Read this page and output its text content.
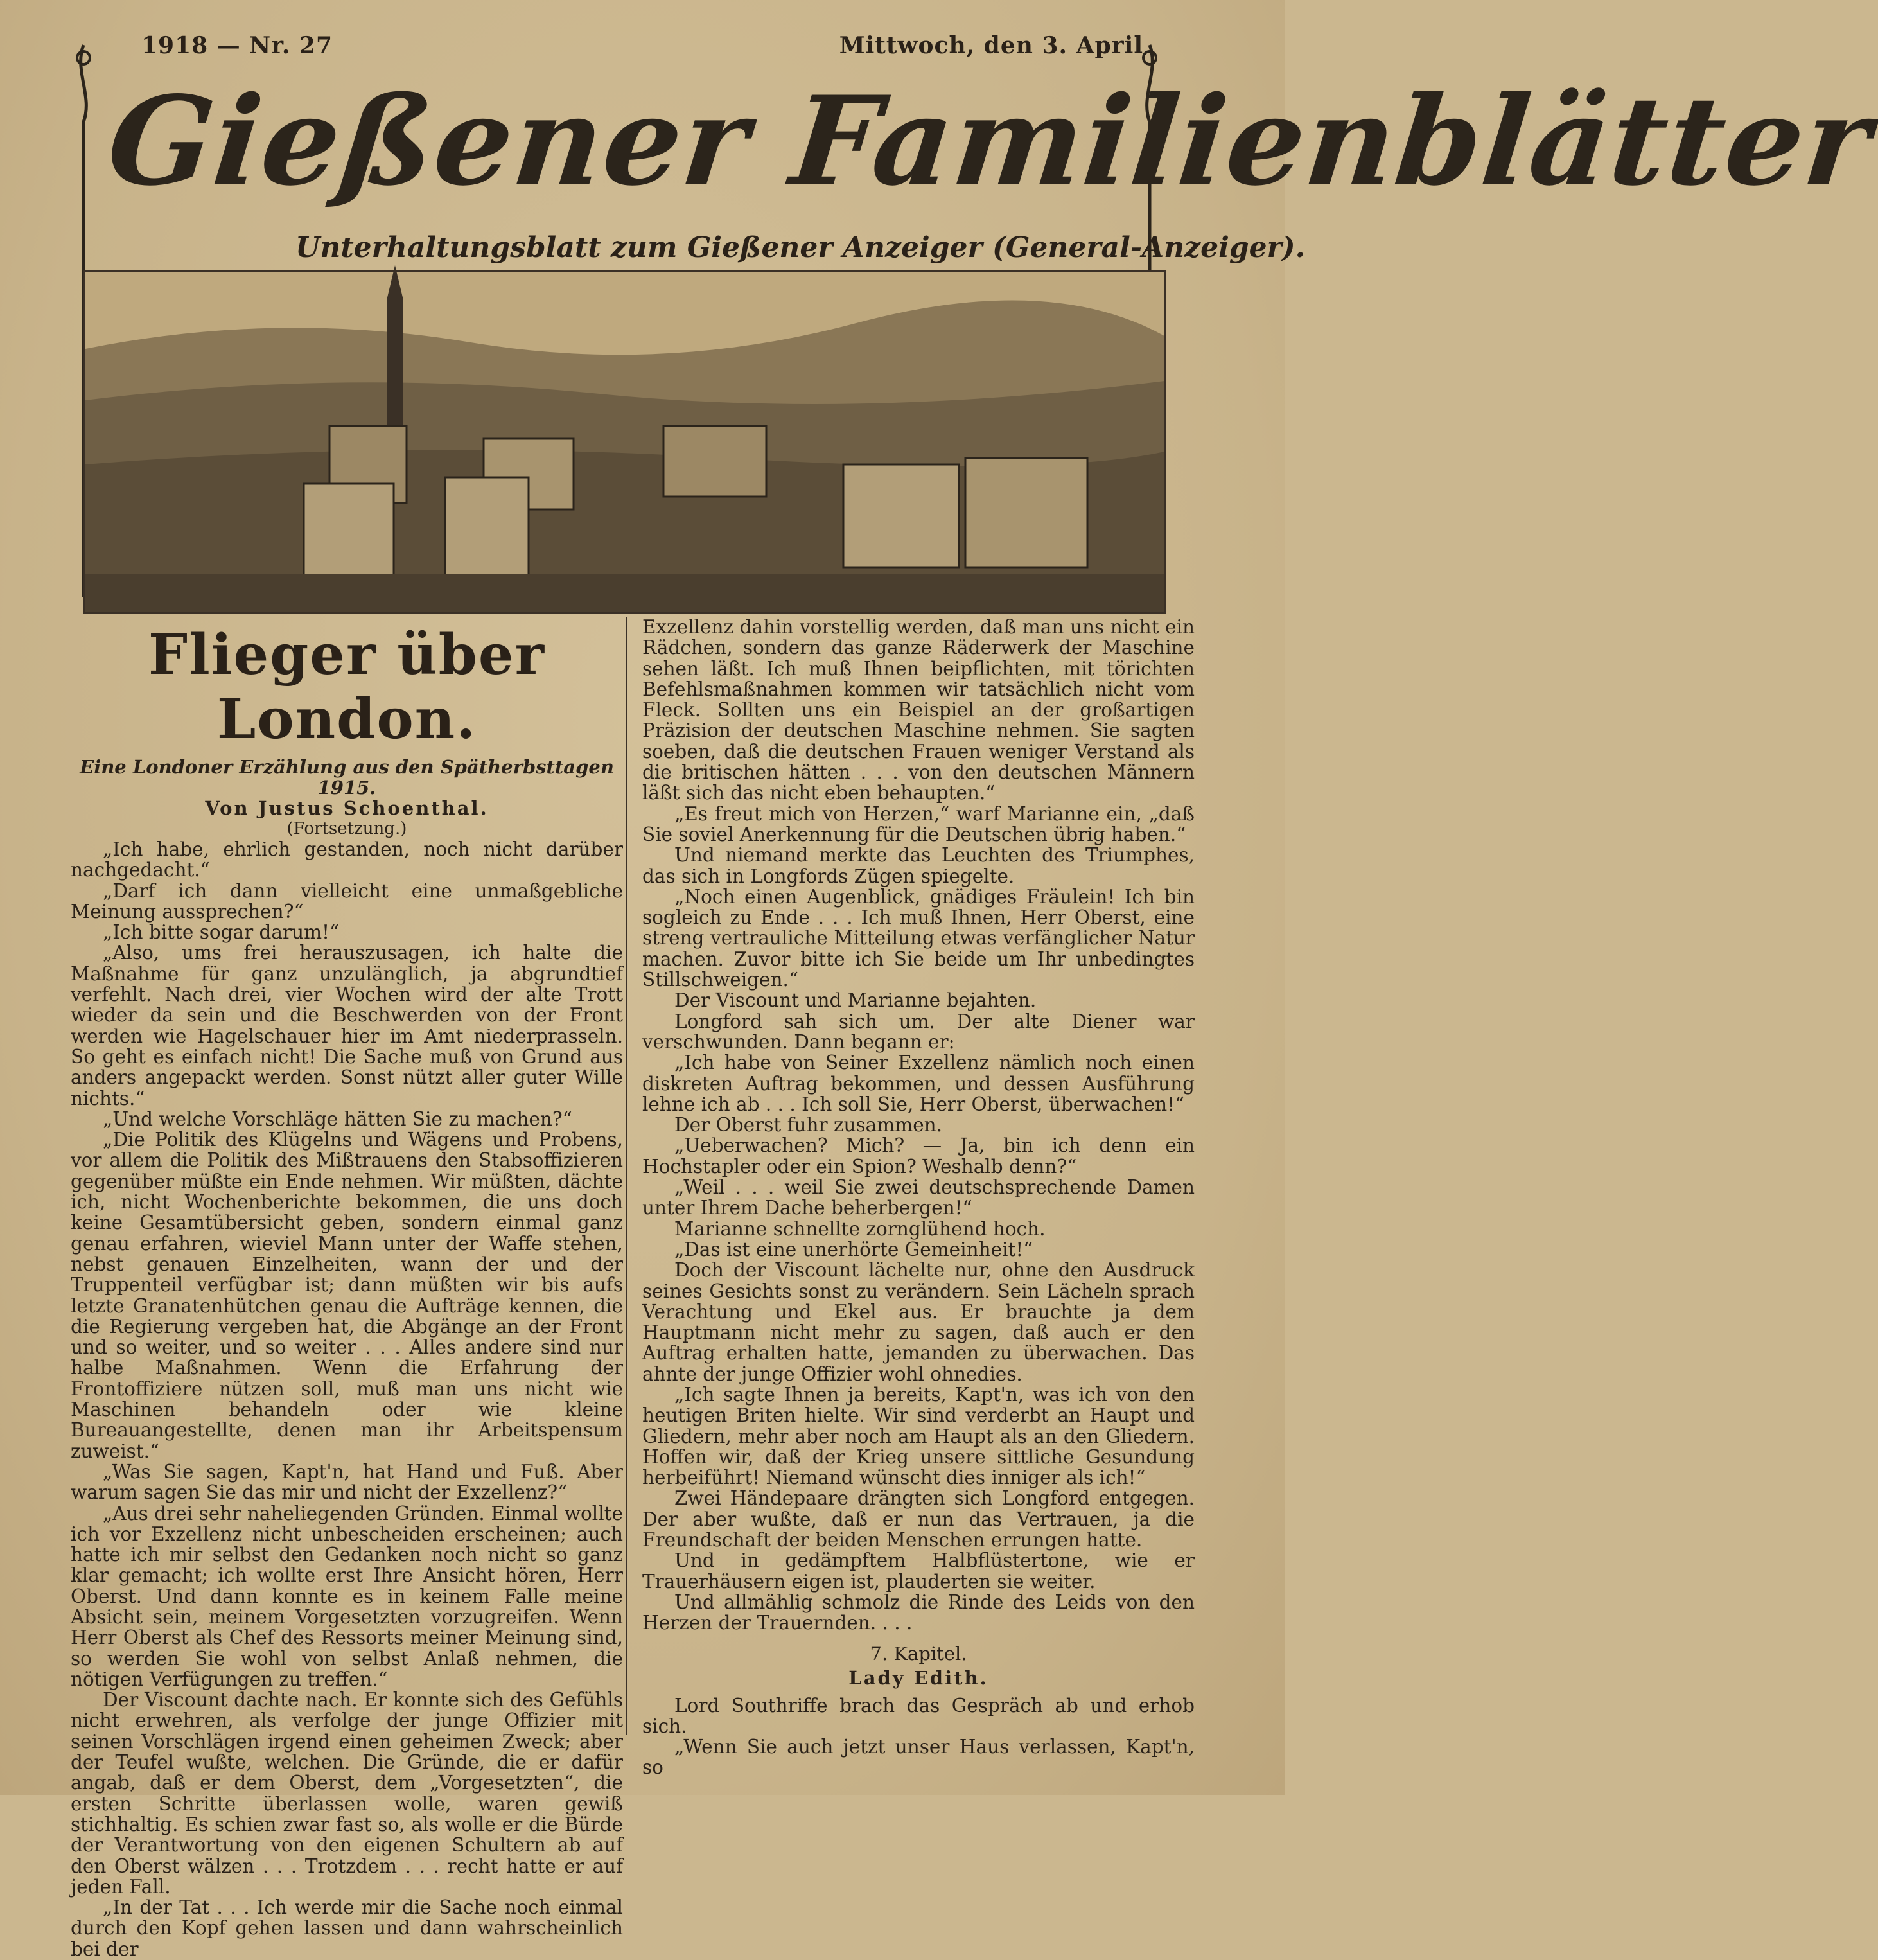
1918 — Nr. 27	Mittwoch, den 3. April
Gießener Familienblätter
Unterhaltungsblatt zum Gießener Anzeiger (General-Anzeiger).
Flieger über London.
Eine Londoner Erzählung aus den Spätherbsttagen 1915.
Von Justus Schoenthal.
(Fortsetzung.)

„Ich habe, ehrlich gestanden, noch nicht darüber nachgedacht.“

„Darf ich dann vielleicht eine unmaßgebliche Meinung aussprechen?“

„Ich bitte sogar darum!“

„Also, ums frei herauszusagen, ich halte die Maßnahme für ganz unzulänglich, ja abgrundtief verfehlt. Nach drei, vier Wochen wird der alte Trott wieder da sein und die Beschwerden von der Front werden wie Hagelschauer hier im Amt niederprasseln. So geht es einfach nicht! Die Sache muß von Grund aus anders angepackt werden. Sonst nützt aller guter Wille nichts.“

„Und welche Vorschläge hätten Sie zu machen?“

„Die Politik des Klügelns und Wägens und Probens, vor allem die Politik des Mißtrauens den Stabsoffizieren gegenüber müßte ein Ende nehmen. Wir müßten, dächte ich, nicht Wochenberichte bekommen, die uns doch keine Gesamtübersicht geben, sondern einmal ganz genau erfahren, wieviel Mann unter der Waffe stehen, nebst genauen Einzelheiten, wann der und der Truppenteil verfügbar ist; dann müßten wir bis aufs letzte Granatenhütchen genau die Aufträge kennen, die die Regierung vergeben hat, die Abgänge an der Front und so weiter, und so weiter . . . Alles andere sind nur halbe Maßnahmen. Wenn die Erfahrung der Frontoffiziere nützen soll, muß man uns nicht wie Maschinen behandeln oder wie kleine Bureauangestellte, denen man ihr Arbeitspensum zuweist.“

„Was Sie sagen, Kapt'n, hat Hand und Fuß. Aber warum sagen Sie das mir und nicht der Exzellenz?“

„Aus drei sehr naheliegenden Gründen. Einmal wollte ich vor Exzellenz nicht unbescheiden erscheinen; auch hatte ich mir selbst den Gedanken noch nicht so ganz klar gemacht; ich wollte erst Ihre Ansicht hören, Herr Oberst. Und dann konnte es in keinem Falle meine Absicht sein, meinem Vorgesetzten vorzugreifen. Wenn Herr Oberst als Chef des Ressorts meiner Meinung sind, so werden Sie wohl von selbst Anlaß nehmen, die nötigen Verfügungen zu treffen.“

Der Viscount dachte nach. Er konnte sich des Gefühls nicht erwehren, als verfolge der junge Offizier mit seinen Vorschlägen irgend einen geheimen Zweck; aber der Teufel wußte, welchen. Die Gründe, die er dafür angab, daß er dem Oberst, dem „Vorgesetzten“, die ersten Schritte überlassen wolle, waren gewiß stichhaltig. Es schien zwar fast so, als wolle er die Bürde der Verantwortung von den eigenen Schultern ab auf den Oberst wälzen . . . Trotzdem . . . recht hatte er auf jeden Fall.

„In der Tat . . . Ich werde mir die Sache noch einmal durch den Kopf gehen lassen und dann wahrscheinlich bei der

Exzellenz dahin vorstellig werden, daß man uns nicht ein Rädchen, sondern das ganze Räderwerk der Maschine sehen läßt. Ich muß Ihnen beipflichten, mit törichten Befehlsmaßnahmen kommen wir tatsächlich nicht vom Fleck. Sollten uns ein Beispiel an der großartigen Präzision der deutschen Maschine nehmen. Sie sagten soeben, daß die deutschen Frauen weniger Verstand als die britischen hätten . . . von den deutschen Männern läßt sich das nicht eben behaupten.“

„Es freut mich von Herzen,“ warf Marianne ein, „daß Sie soviel Anerkennung für die Deutschen übrig haben.“

Und niemand merkte das Leuchten des Triumphes, das sich in Longfords Zügen spiegelte.

„Noch einen Augenblick, gnädiges Fräulein! Ich bin sogleich zu Ende . . . Ich muß Ihnen, Herr Oberst, eine streng vertrauliche Mitteilung etwas verfänglicher Natur machen. Zuvor bitte ich Sie beide um Ihr unbedingtes Stillschweigen.“

Der Viscount und Marianne bejahten.

Longford sah sich um. Der alte Diener war verschwunden. Dann begann er:

„Ich habe von Seiner Exzellenz nämlich noch einen diskreten Auftrag bekommen, und dessen Ausführung lehne ich ab . . . Ich soll Sie, Herr Oberst, überwachen!“

Der Oberst fuhr zusammen.

„Ueberwachen? Mich? — Ja, bin ich denn ein Hochstapler oder ein Spion? Weshalb denn?“

„Weil . . . weil Sie zwei deutschsprechende Damen unter Ihrem Dache beherbergen!“

Marianne schnellte zornglühend hoch.

„Das ist eine unerhörte Gemeinheit!“

Doch der Viscount lächelte nur, ohne den Ausdruck seines Gesichts sonst zu verändern. Sein Lächeln sprach Verachtung und Ekel aus. Er brauchte ja dem Hauptmann nicht mehr zu sagen, daß auch er den Auftrag erhalten hatte, jemanden zu überwachen. Das ahnte der junge Offizier wohl ohnedies.

„Ich sagte Ihnen ja bereits, Kapt'n, was ich von den heutigen Briten hielte. Wir sind verderbt an Haupt und Gliedern, mehr aber noch am Haupt als an den Gliedern. Hoffen wir, daß der Krieg unsere sittliche Gesundung herbeiführt! Niemand wünscht dies inniger als ich!“

Zwei Händepaare drängten sich Longford entgegen. Der aber wußte, daß er nun das Vertrauen, ja die Freundschaft der beiden Menschen errungen hatte.

Und in gedämpftem Halbflüstertone, wie er Trauerhäusern eigen ist, plauderten sie weiter.

Und allmählig schmolz die Rinde des Leids von den Herzen der Trauernden. . . .

7. Kapitel.
Lady Edith.

Lord Southriffe brach das Gespräch ab und erhob sich.

„Wenn Sie auch jetzt unser Haus verlassen, Kapt'n, so
